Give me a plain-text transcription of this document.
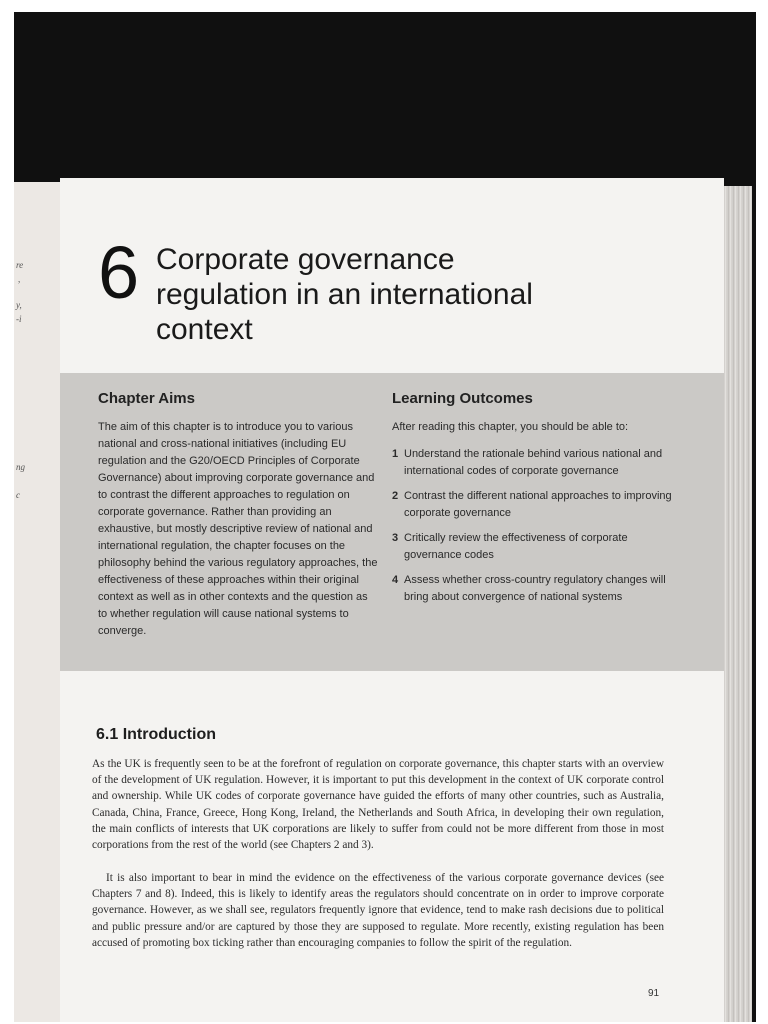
re
,
y,
-i
ng
c
6 Corporate governance regulation in an international context
Chapter Aims

The aim of this chapter is to introduce you to various national and cross-national initiatives (including EU regulation and the G20/OECD Principles of Corporate Governance) about improving corporate governance and to contrast the different approaches to regulation on corporate governance. Rather than providing an exhaustive, but mostly descriptive review of national and international regulation, the chapter focuses on the philosophy behind the various regulatory approaches, the effectiveness of these approaches within their original context as well as in other contexts and the question as to whether regulation will cause national systems to converge.

Learning Outcomes

After reading this chapter, you should be able to:

1 Understand the rationale behind various national and international codes of corporate governance
2 Contrast the different national approaches to improving corporate governance
3 Critically review the effectiveness of corporate governance codes
4 Assess whether cross-country regulatory changes will bring about convergence of national systems
6.1 Introduction

As the UK is frequently seen to be at the forefront of regulation on corporate governance, this chapter starts with an overview of the development of UK regulation. However, it is important to put this development in the context of UK corporate control and ownership. While UK codes of corporate governance have guided the efforts of many other countries, such as Australia, Canada, China, France, Greece, Hong Kong, Ireland, the Netherlands and South Africa, in developing their own regulation, the main conflicts of interests that UK corporations are likely to suffer from could not be more different from those in most corporations from the rest of the world (see Chapters 2 and 3).

It is also important to bear in mind the evidence on the effectiveness of the various corporate governance devices (see Chapters 7 and 8). Indeed, this is likely to identify areas the regulators should concentrate on in order to improve corporate governance. However, as we shall see, regulators frequently ignore that evidence, tend to make rash decisions due to political and public pressure and/or are captured by those they are supposed to regulate. More recently, existing regulation has been accused of promoting box ticking rather than encouraging companies to follow the spirit of the regulation.

91
